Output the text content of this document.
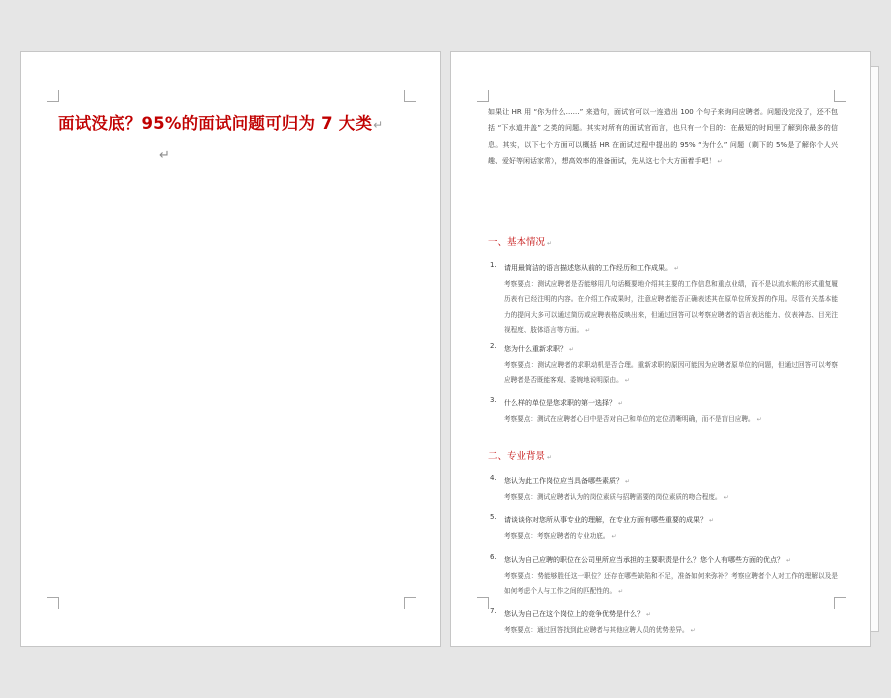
面试没底？95%的面试问题可归为 7 大类↵
↵

如果让 HR 用 “你为什么……” 来造句，面试官可以一连造出 100 个句子来询问应聘者。问题没完没了，还不包括 “下水道井盖” 之类的问题。其实对所有的面试官而言，也只有一个目的：在最短的时间里了解到你最多的信息。其实，以下七个方面可以概括 HR 在面试过程中提出的 95% “为什么” 问题（剩下的 5%是了解你个人兴趣、爱好等闲话家常），想高效率的准备面试，先从这七个大方面着手吧！ ↵

一、基本情况 ↵
1. 请用最简洁的语言描述您从前的工作经历和工作成果。 ↵
考察要点：测试应聘者是否能够用几句话概要地介绍其主要的工作信息和重点业绩，而不是以流水帐的形式重复履历表有已经注明的内容。在介绍工作成果时，注意应聘者能否正确表述其在原单位所发挥的作用。尽管有关基本能力的提问大多可以通过简历或应聘表格反映出来，但通过回答可以考察应聘者的语言表达能力、仪表神态、目光注视程度、肢体语言等方面。 ↵
2. 您为什么重新求职？ ↵
考察要点：测试应聘者的求职动机是否合理。重新求职的原因可能因为应聘者原单位的问题，但通过回答可以考察应聘者是否既能客观、委婉地说明原由。 ↵
3. 什么样的单位是您求职的第一选择？ ↵
考察要点：测试在应聘者心目中是否对自己和单位的定位清晰明确，而不是盲目应聘。 ↵
二、专业背景 ↵
4. 您认为此工作岗位应当具备哪些素质？ ↵
考察要点：测试应聘者认为的岗位素质与招聘需要的岗位素质的吻合程度。 ↵
5. 请谈谈你对您所从事专业的理解，在专业方面有哪些重要的成果？ ↵
考察要点：考察应聘者的专业功底。 ↵
6. 您认为自己应聘的职位在公司里所应当承担的主要职责是什么？您个人有哪些方面的优点？ ↵
考察要点：势能够胜任这一职位？还存在哪些缺陷和不足，准备如何来弥补？考察应聘者个人对工作的理解以及是如何考虑个人与工作之间的匹配性的。 ↵
7. 您认为自己在这个岗位上的竞争优势是什么？ ↵
考察要点：通过回答找到此应聘者与其他应聘人员的优势差异。 ↵
